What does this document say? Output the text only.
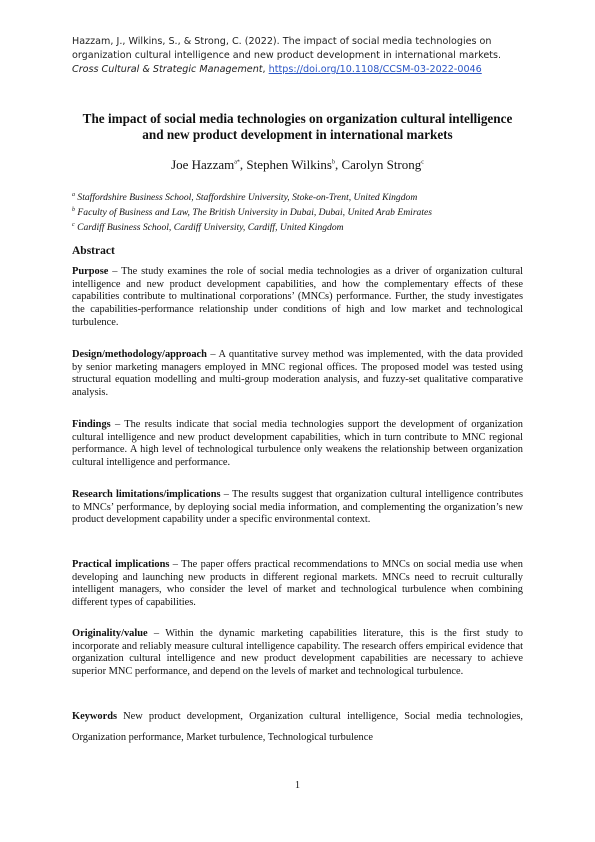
Hazzam, J., Wilkins, S., & Strong, C. (2022). The impact of social media technologies on organization cultural intelligence and new product development in international markets. Cross Cultural & Strategic Management, https://doi.org/10.1108/CCSM-03-2022-0046
The impact of social media technologies on organization cultural intelligence and new product development in international markets
Joe Hazzam$^{a*}$, Stephen Wilkins$^b$, Carolyn Strong$^c$
$^a$ Staffordshire Business School, Staffordshire University, Stoke-on-Trent, United Kingdom
$^b$ Faculty of Business and Law, The British University in Dubai, Dubai, United Arab Emirates
$^c$ Cardiff Business School, Cardiff University, Cardiff, United Kingdom
Abstract
Purpose – The study examines the role of social media technologies as a driver of organization cultural intelligence and new product development capabilities, and how the complementary effects of these capabilities contribute to multinational corporations’ (MNCs) performance. Further, the study investigates the capabilities-performance relationship under conditions of high and low market and technological turbulence.
Design/methodology/approach – A quantitative survey method was implemented, with the data provided by senior marketing managers employed in MNC regional offices. The proposed model was tested using structural equation modelling and multi-group moderation analysis, and fuzzy-set qualitative comparative analysis.
Findings – The results indicate that social media technologies support the development of organization cultural intelligence and new product development capabilities, which in turn contribute to MNC regional performance. A high level of technological turbulence only weakens the relationship between organization cultural intelligence and performance.
Research limitations/implications – The results suggest that organization cultural intelligence contributes to MNCs’ performance, by deploying social media information, and complementing the organization’s new product development capability under a specific environmental context.
Practical implications – The paper offers practical recommendations to MNCs on social media use when developing and launching new products in different regional markets. MNCs need to recruit culturally intelligent managers, who consider the level of market and technological turbulence when combining different types of capabilities.
Originality/value – Within the dynamic marketing capabilities literature, this is the first study to incorporate and reliably measure cultural intelligence capability. The research offers empirical evidence that organization cultural intelligence and new product development capabilities are necessary to achieve superior MNC performance, and depend on the levels of market and technological turbulence.
Keywords New product development, Organization cultural intelligence, Social media technologies, Organization performance, Market turbulence, Technological turbulence
1
